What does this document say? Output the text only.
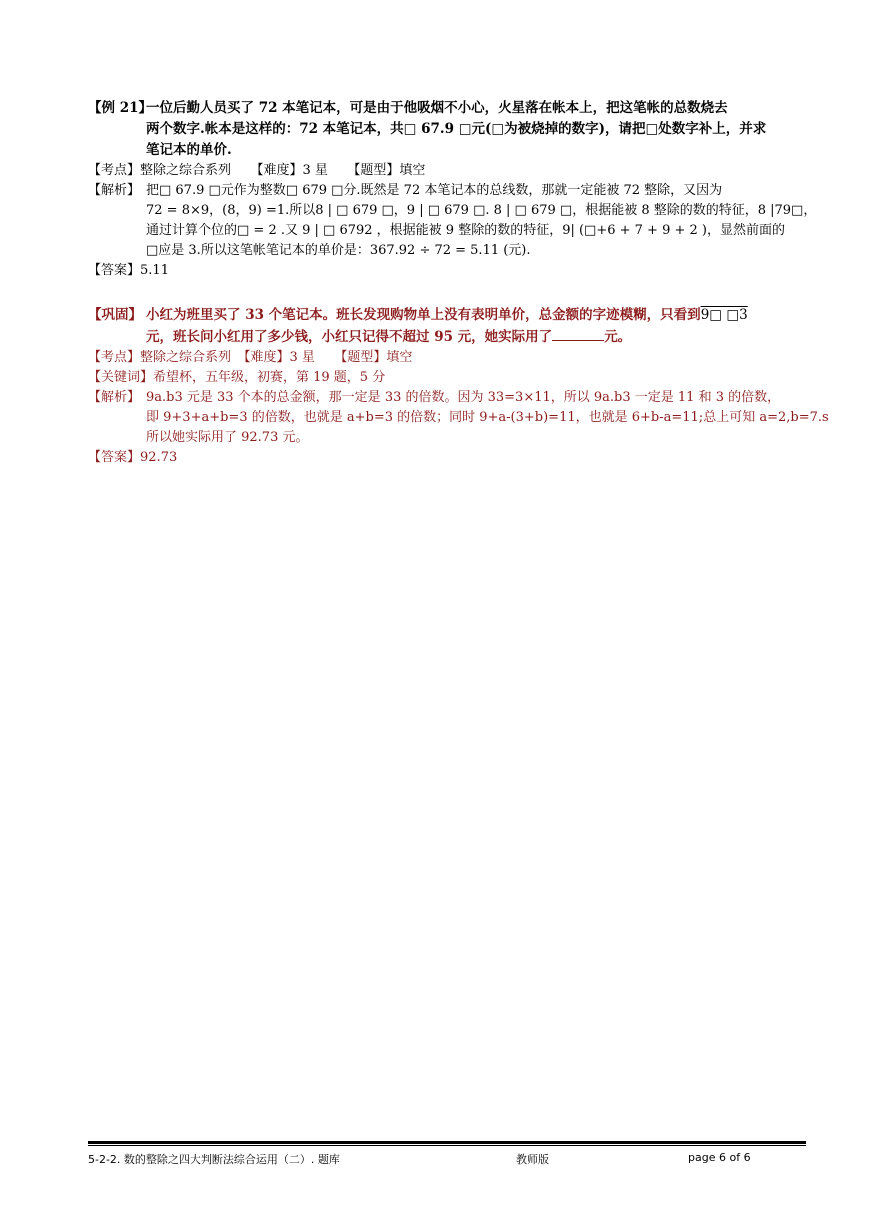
【例 21】一位后勤人员买了 72 本笔记本，可是由于他吸烟不小心，火星落在帐本上，把这笔帐的总数烧去
两个数字.帐本是这样的：72 本笔记本，共□ 67.9 □元(□为被烧掉的数字)，请把□处数字补上，并求
笔记本的单价.
【考点】整除之综合系列　　【难度】3 星　　【题型】填空
【解析】 把□ 67.9 □元作为整数□ 679 □分.既然是 72 本笔记本的总线数，那就一定能被 72 整除，又因为
72 = 8×9，(8，9) =1.所以8 | □ 679 □，9 | □ 679 □. 8 | □ 679 □，根据能被 8 整除的数的特征，8 |79□，
通过计算个位的□ = 2 .又 9 | □ 6792 ，根据能被 9 整除的数的特征，9| (□+6 + 7 + 9 + 2 )，显然前面的
□应是 3.所以这笔帐笔记本的单价是：367.92 ÷ 72 = 5.11 (元).
【答案】5.11
【巩固】 小红为班里买了 33 个笔记本。班长发现购物单上没有表明单价，总金额的字迹模糊，只看到9□ □3
元，班长问小红用了多少钱，小红只记得不超过 95 元，她实际用了	元。
【考点】整除之综合系列　【难度】3 星　　【题型】填空
【关键词】希望杯，五年级，初赛，第 19 题，5 分
【解析】 9a.b3 元是 33 个本的总金额，那一定是 33 的倍数。因为 33=3×11，所以 9a.b3 一定是 11 和 3 的倍数，
即 9+3+a+b=3 的倍数，也就是 a+b=3 的倍数；同时 9+a-(3+b)=11，也就是 6+b-a=11;总上可知 a=2,b=7.s
所以她实际用了 92.73 元。
【答案】92.73
5-2-2. 数的整除之四大判断法综合运用（二）. 题库	教师版	page 6 of 6
